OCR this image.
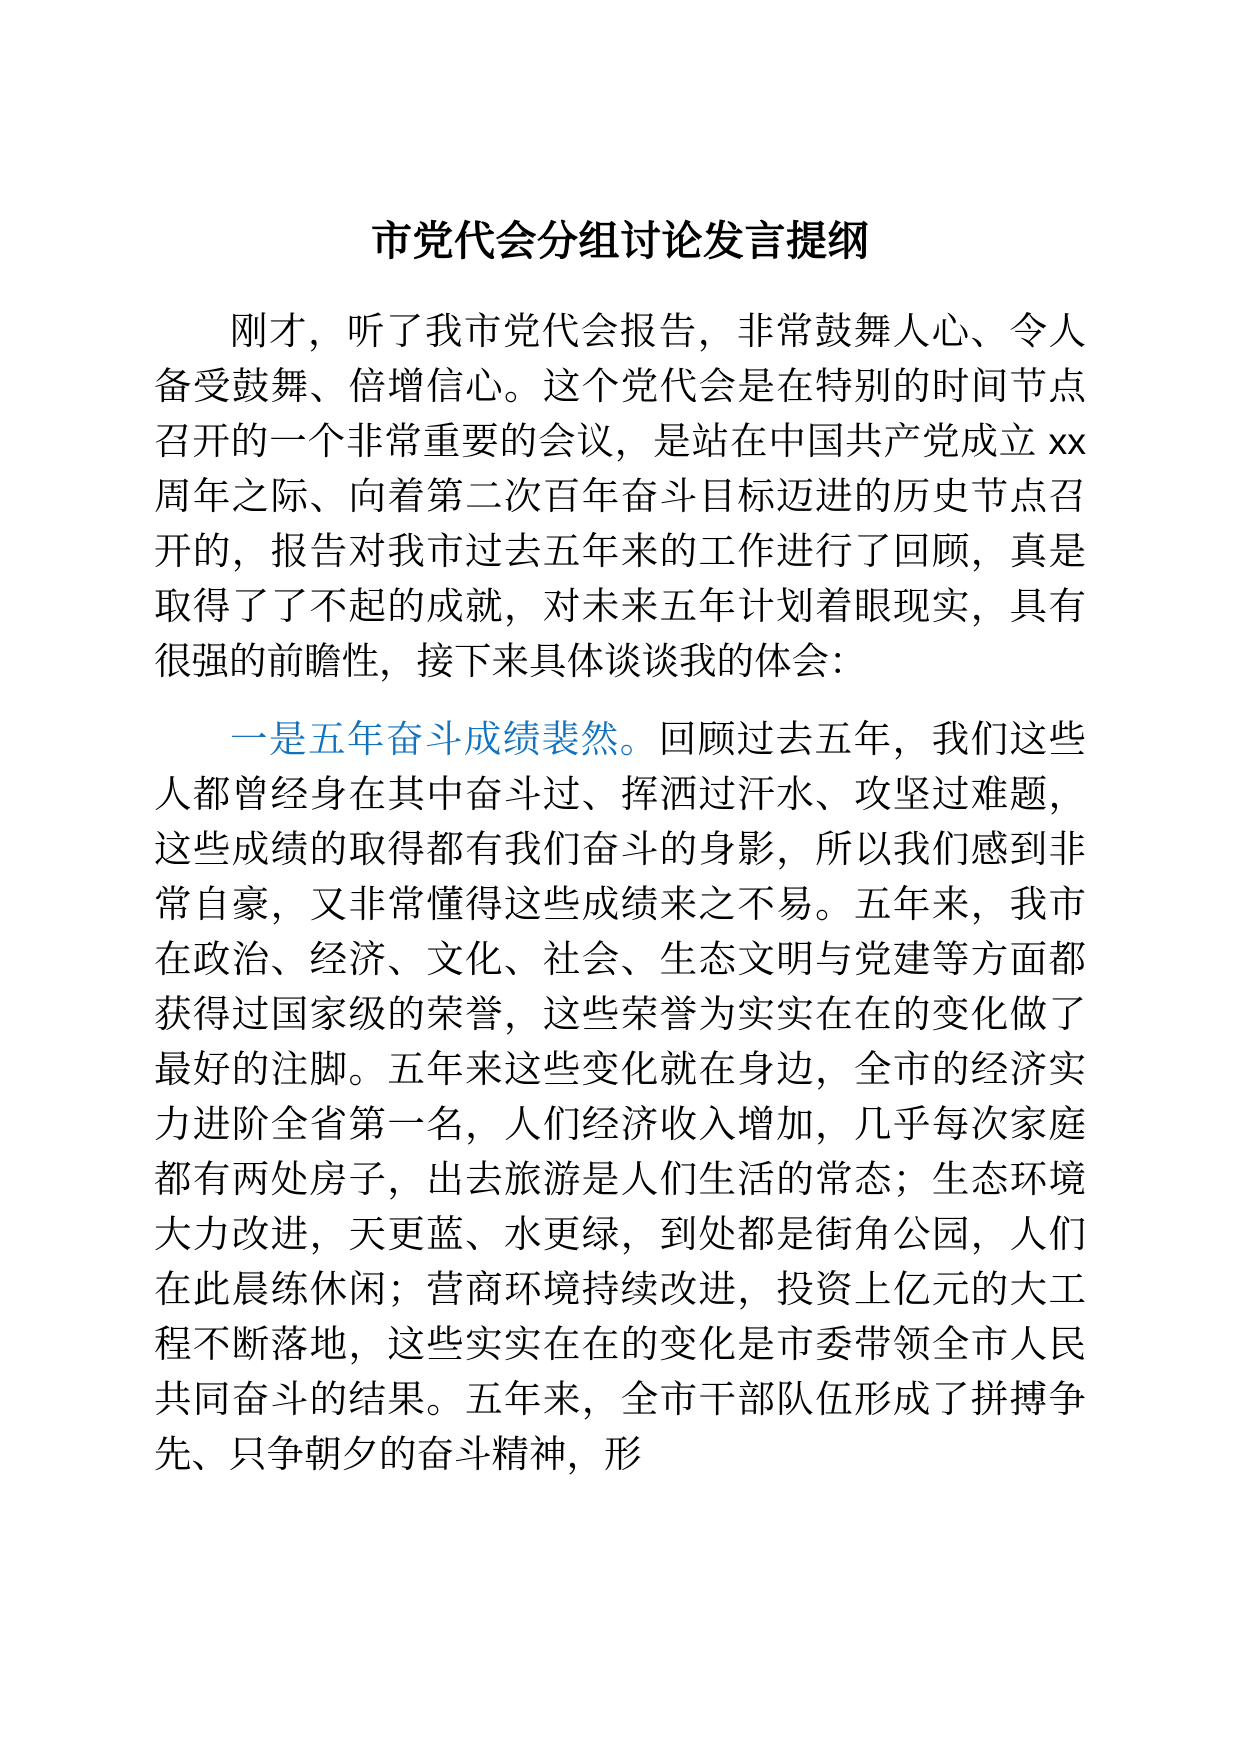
市党代会分组讨论发言提纲

刚才，听了我市党代会报告，非常鼓舞人心、令人备受鼓舞、倍增信心。这个党代会是在特别的时间节点召开的一个非常重要的会议，是站在中国共产党成立 xx 周年之际、向着第二次百年奋斗目标迈进的历史节点召开的，报告对我市过去五年来的工作进行了回顾，真是取得了了不起的成就，对未来五年计划着眼现实，具有很强的前瞻性，接下来具体谈谈我的体会：

一是五年奋斗成绩裴然。回顾过去五年，我们这些人都曾经身在其中奋斗过、挥洒过汗水、攻坚过难题，这些成绩的取得都有我们奋斗的身影，所以我们感到非常自豪，又非常懂得这些成绩来之不易。五年来，我市在政治、经济、文化、社会、生态文明与党建等方面都获得过国家级的荣誉，这些荣誉为实实在在的变化做了最好的注脚。五年来这些变化就在身边，全市的经济实力进阶全省第一名，人们经济收入增加，几乎每次家庭都有两处房子，出去旅游是人们生活的常态；生态环境大力改进，天更蓝、水更绿，到处都是街角公园，人们在此晨练休闲；营商环境持续改进，投资上亿元的大工程不断落地，这些实实在在的变化是市委带领全市人民共同奋斗的结果。五年来，全市干部队伍形成了拼搏争先、只争朝夕的奋斗精神，形
